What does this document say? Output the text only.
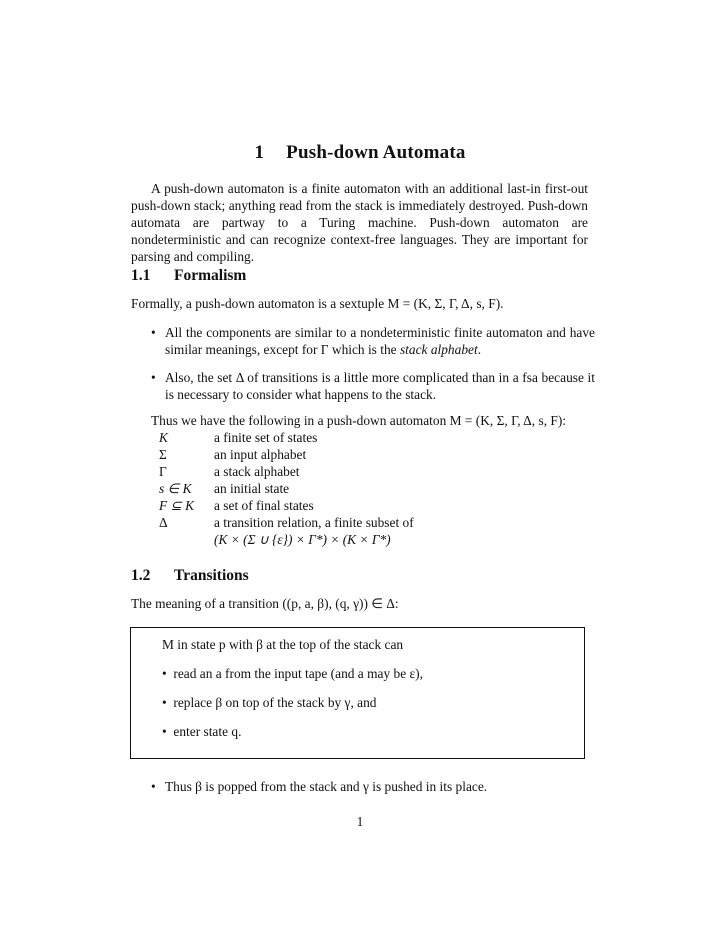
1 Push-down Automata

A push-down automaton is a finite automaton with an additional last-in first-out push-down stack; anything read from the stack is immediately destroyed. Push-down automata are partway to a Turing machine. Push-down automaton are nondeterministic and can recognize context-free languages. They are important for parsing and compiling.

1.1 Formalism

Formally, a push-down automaton is a sextuple M = (K, Σ, Γ, Δ, s, F).

• All the components are similar to a nondeterministic finite automaton and have similar meanings, except for Γ which is the stack alphabet.
• Also, the set Δ of transitions is a little more complicated than in a fsa because it is necessary to consider what happens to the stack.

Thus we have the following in a push-down automaton M = (K, Σ, Γ, Δ, s, F):

K	a finite set of states
Σ	an input alphabet
Γ	a stack alphabet
s ∈ K an initial state
F ⊆ K a set of final states
Δ	a transition relation, a finite subset of
(K × (Σ ∪ {ε}) × Γ*) × (K × Γ*)
1.2 Transitions

The meaning of a transition ((p, a, β), (q, γ)) ∈ Δ:

M in state p with β at the top of the stack can
•  read an a from the input tape (and a may be ε),
•  replace β on top of the stack by γ, and
•  enter state q.
• Thus β is popped from the stack and γ is pushed in its place.
1
